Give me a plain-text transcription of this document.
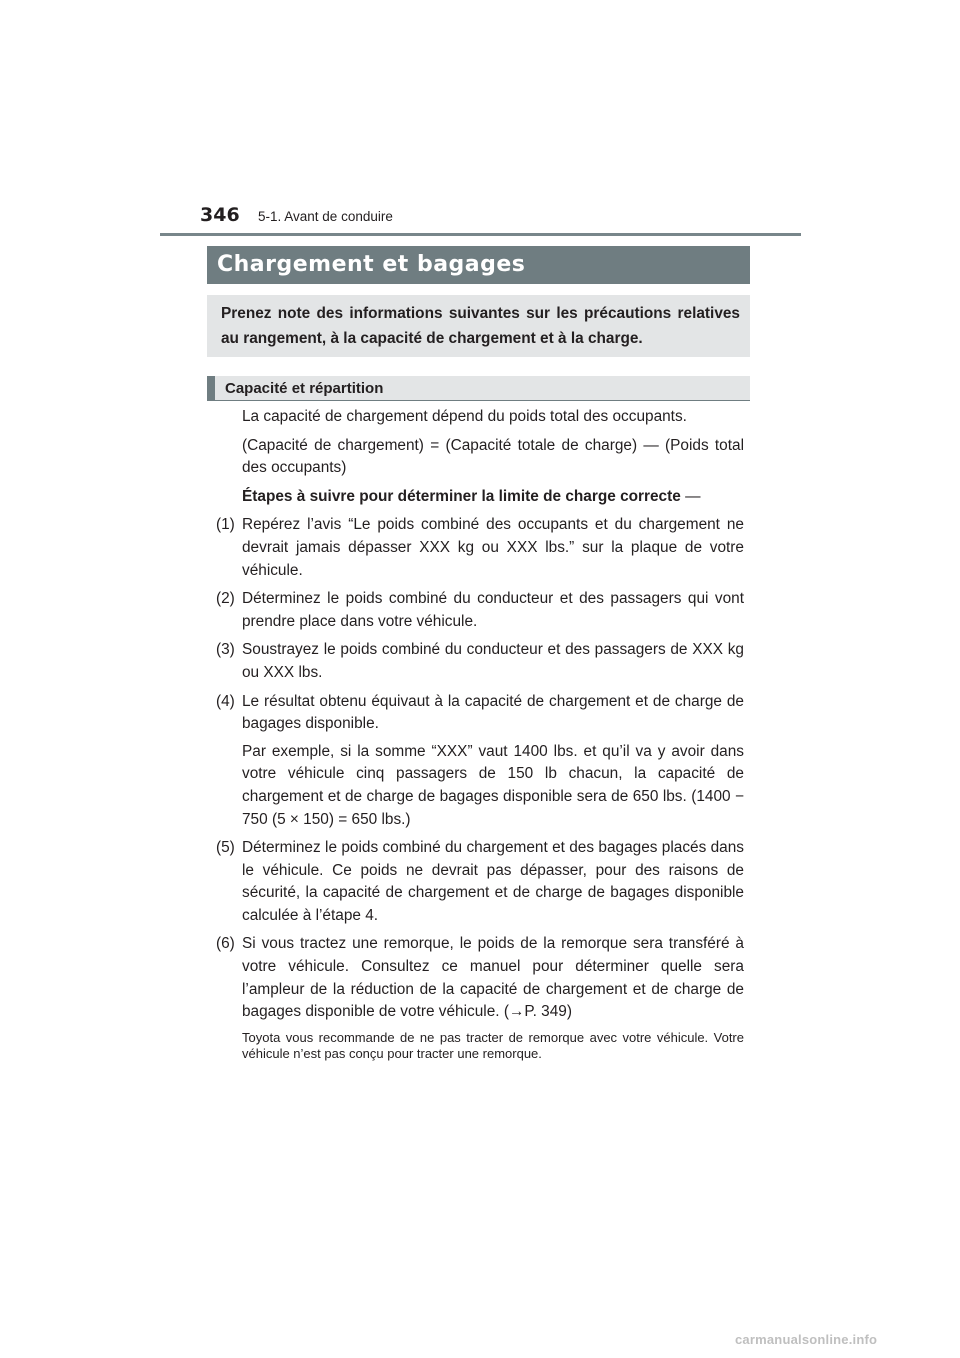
346 5-1. Avant de conduire
Chargement et bagages
Prenez note des informations suivantes sur les précautions relatives au rangement, à la capacité de chargement et à la charge.
Capacité et répartition

La capacité de chargement dépend du poids total des occupants.

(Capacité de chargement) = (Capacité totale de charge) — (Poids total des occupants)

Étapes à suivre pour déterminer la limite de charge correcte —

(1) Repérez l’avis “Le poids combiné des occupants et du chargement ne devrait jamais dépasser XXX kg ou XXX lbs.” sur la plaque de votre véhicule.
(2) Déterminez le poids combiné du conducteur et des passagers qui vont prendre place dans votre véhicule.
(3) Soustrayez le poids combiné du conducteur et des passagers de XXX kg ou XXX lbs.
(4) Le résultat obtenu équivaut à la capacité de chargement et de charge de bagages disponible.

Par exemple, si la somme “XXX” vaut 1400 lbs. et qu’il va y avoir dans votre véhicule cinq passagers de 150 lb chacun, la capacité de chargement et de charge de bagages disponible sera de 650 lbs. (1400 − 750 (5 × 150) = 650 lbs.)

(5) Déterminez le poids combiné du chargement et des bagages placés dans le véhicule. Ce poids ne devrait pas dépasser, pour des raisons de sécurité, la capacité de chargement et de charge de bagages disponible calculée à l’étape 4.
(6) Si vous tractez une remorque, le poids de la remorque sera transféré à votre véhicule. Consultez ce manuel pour déterminer quelle sera l’ampleur de la réduction de la capacité de chargement et de charge de bagages disponible de votre véhicule. (→P. 349)

Toyota vous recommande de ne pas tracter de remorque avec votre véhicule. Votre véhicule n’est pas conçu pour tracter une remorque.

carmanualsonline.info
